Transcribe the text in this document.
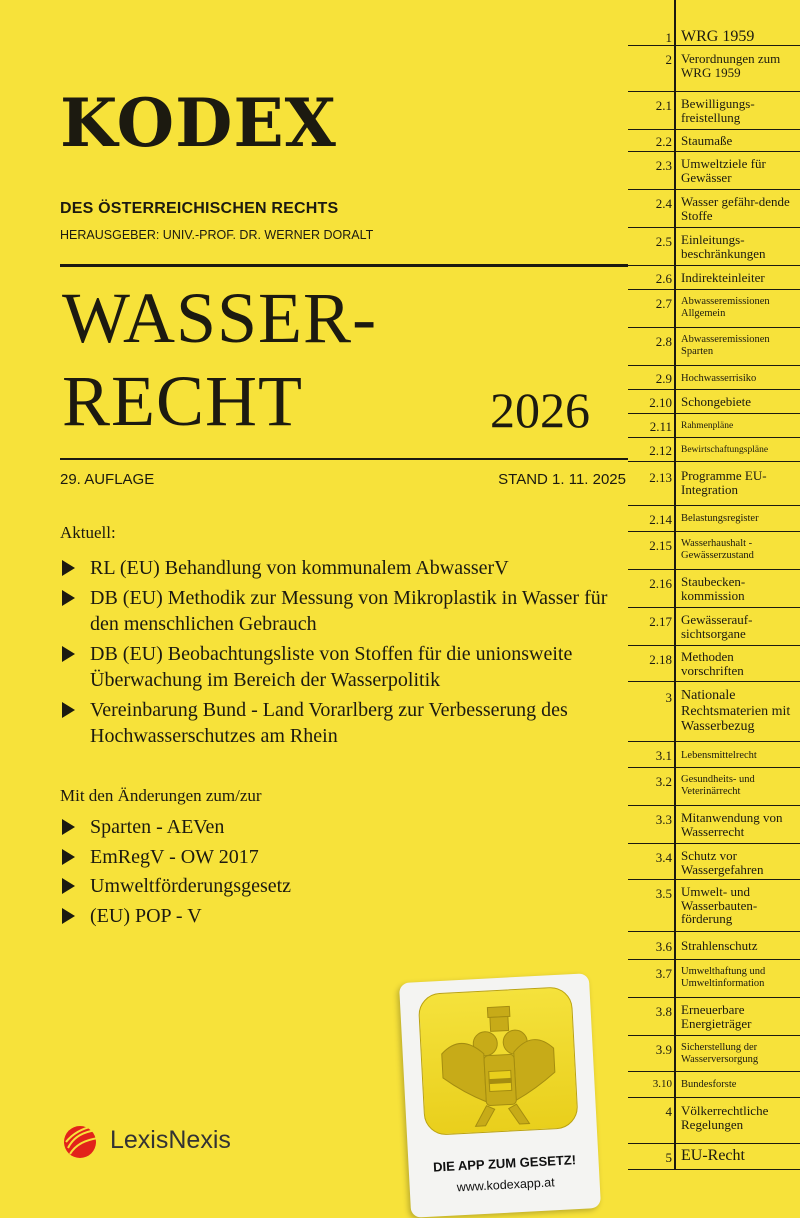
KODEX
DES ÖSTERREICHISCHEN RECHTS
HERAUSGEBER: UNIV.-PROF. DR. WERNER DORALT
WASSER-
RECHT	2026
29. AUFLAGE	STAND 1. 11. 2025
Aktuell:
RL (EU) Behandlung von kommunalem AbwasserV
DB (EU) Methodik zur Messung von Mikroplastik in Wasser für den menschlichen Gebrauch
DB (EU) Beobachtungsliste von Stoffen für die unionsweite Überwachung im Bereich der Wasserpolitik
Vereinbarung Bund - Land Vorarlberg zur Verbesserung des Hochwasserschutzes am Rhein
Mit den Änderungen zum/zur
Sparten - AEVen
EmRegV - OW 2017
Umweltförderungsgesetz
(EU) POP - V
LexisNexis
DIE APP ZUM GESETZ!
www.kodexapp.at
1 WRG 1959
2 Verordnungen zum WRG 1959
2.1 Bewilligungs-freistellung
2.2 Staumaße
2.3 Umweltziele für Gewässer
2.4 Wasser gefähr-dende Stoffe
2.5 Einleitungs-beschränkungen
2.6 Indirekteinleiter
2.7 Abwasseremissionen Allgemein
2.8 Abwasseremissionen Sparten
2.9 Hochwasserrisiko
2.10 Schongebiete
2.11 Rahmenpläne
2.12 Bewirtschaftungspläne
2.13 Programme EU-Integration
2.14 Belastungsregister
2.15 Wasserhaushalt - Gewässerzustand
2.16 Staubecken-kommission
2.17 Gewässerauf-sichtsorgane
2.18 Methoden vorschriften
3 Nationale Rechtsmaterien mit Wasserbezug
3.1 Lebensmittelrecht
3.2 Gesundheits- und Veterinärrecht
3.3 Mitanwendung von Wasserrecht
3.4 Schutz vor Wassergefahren
3.5 Umwelt- und Wasserbauten-förderung
3.6 Strahlenschutz
3.7 Umwelthaftung und Umweltinformation
3.8 Erneuerbare Energieträger
3.9 Sicherstellung der Wasserversorgung
3.10 Bundesforste
4 Völkerrechtliche Regelungen
5 EU-Recht
